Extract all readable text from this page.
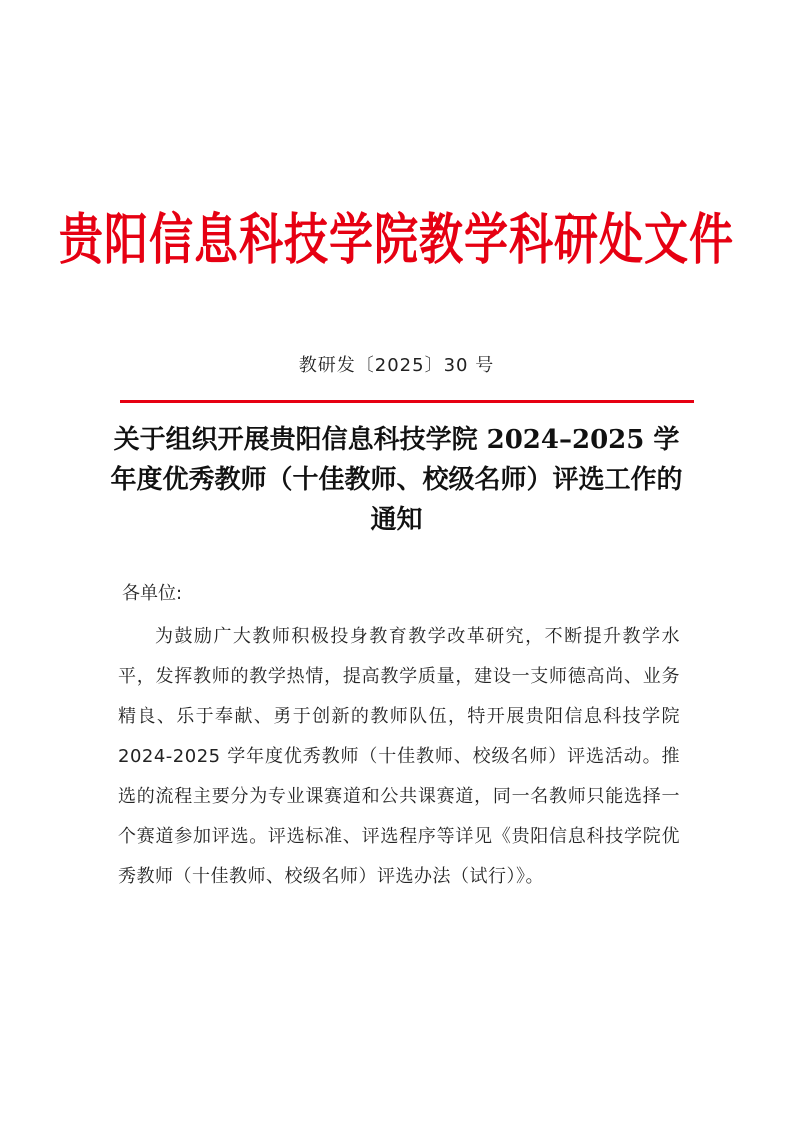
贵阳信息科技学院教学科研处文件
教研发〔2025〕30 号
关于组织开展贵阳信息科技学院 2024–2025 学年度优秀教师（十佳教师、校级名师）评选工作的通知
各单位:
为鼓励广大教师积极投身教育教学改革研究，不断提升教学水平，发挥教师的教学热情，提高教学质量，建设一支师德高尚、业务精良、乐于奉献、勇于创新的教师队伍，特开展贵阳信息科技学院 2024-2025 学年度优秀教师（十佳教师、校级名师）评选活动。推选的流程主要分为专业课赛道和公共课赛道，同一名教师只能选择一个赛道参加评选。评选标准、评选程序等详见《贵阳信息科技学院优秀教师（十佳教师、校级名师）评选办法（试行）》。
